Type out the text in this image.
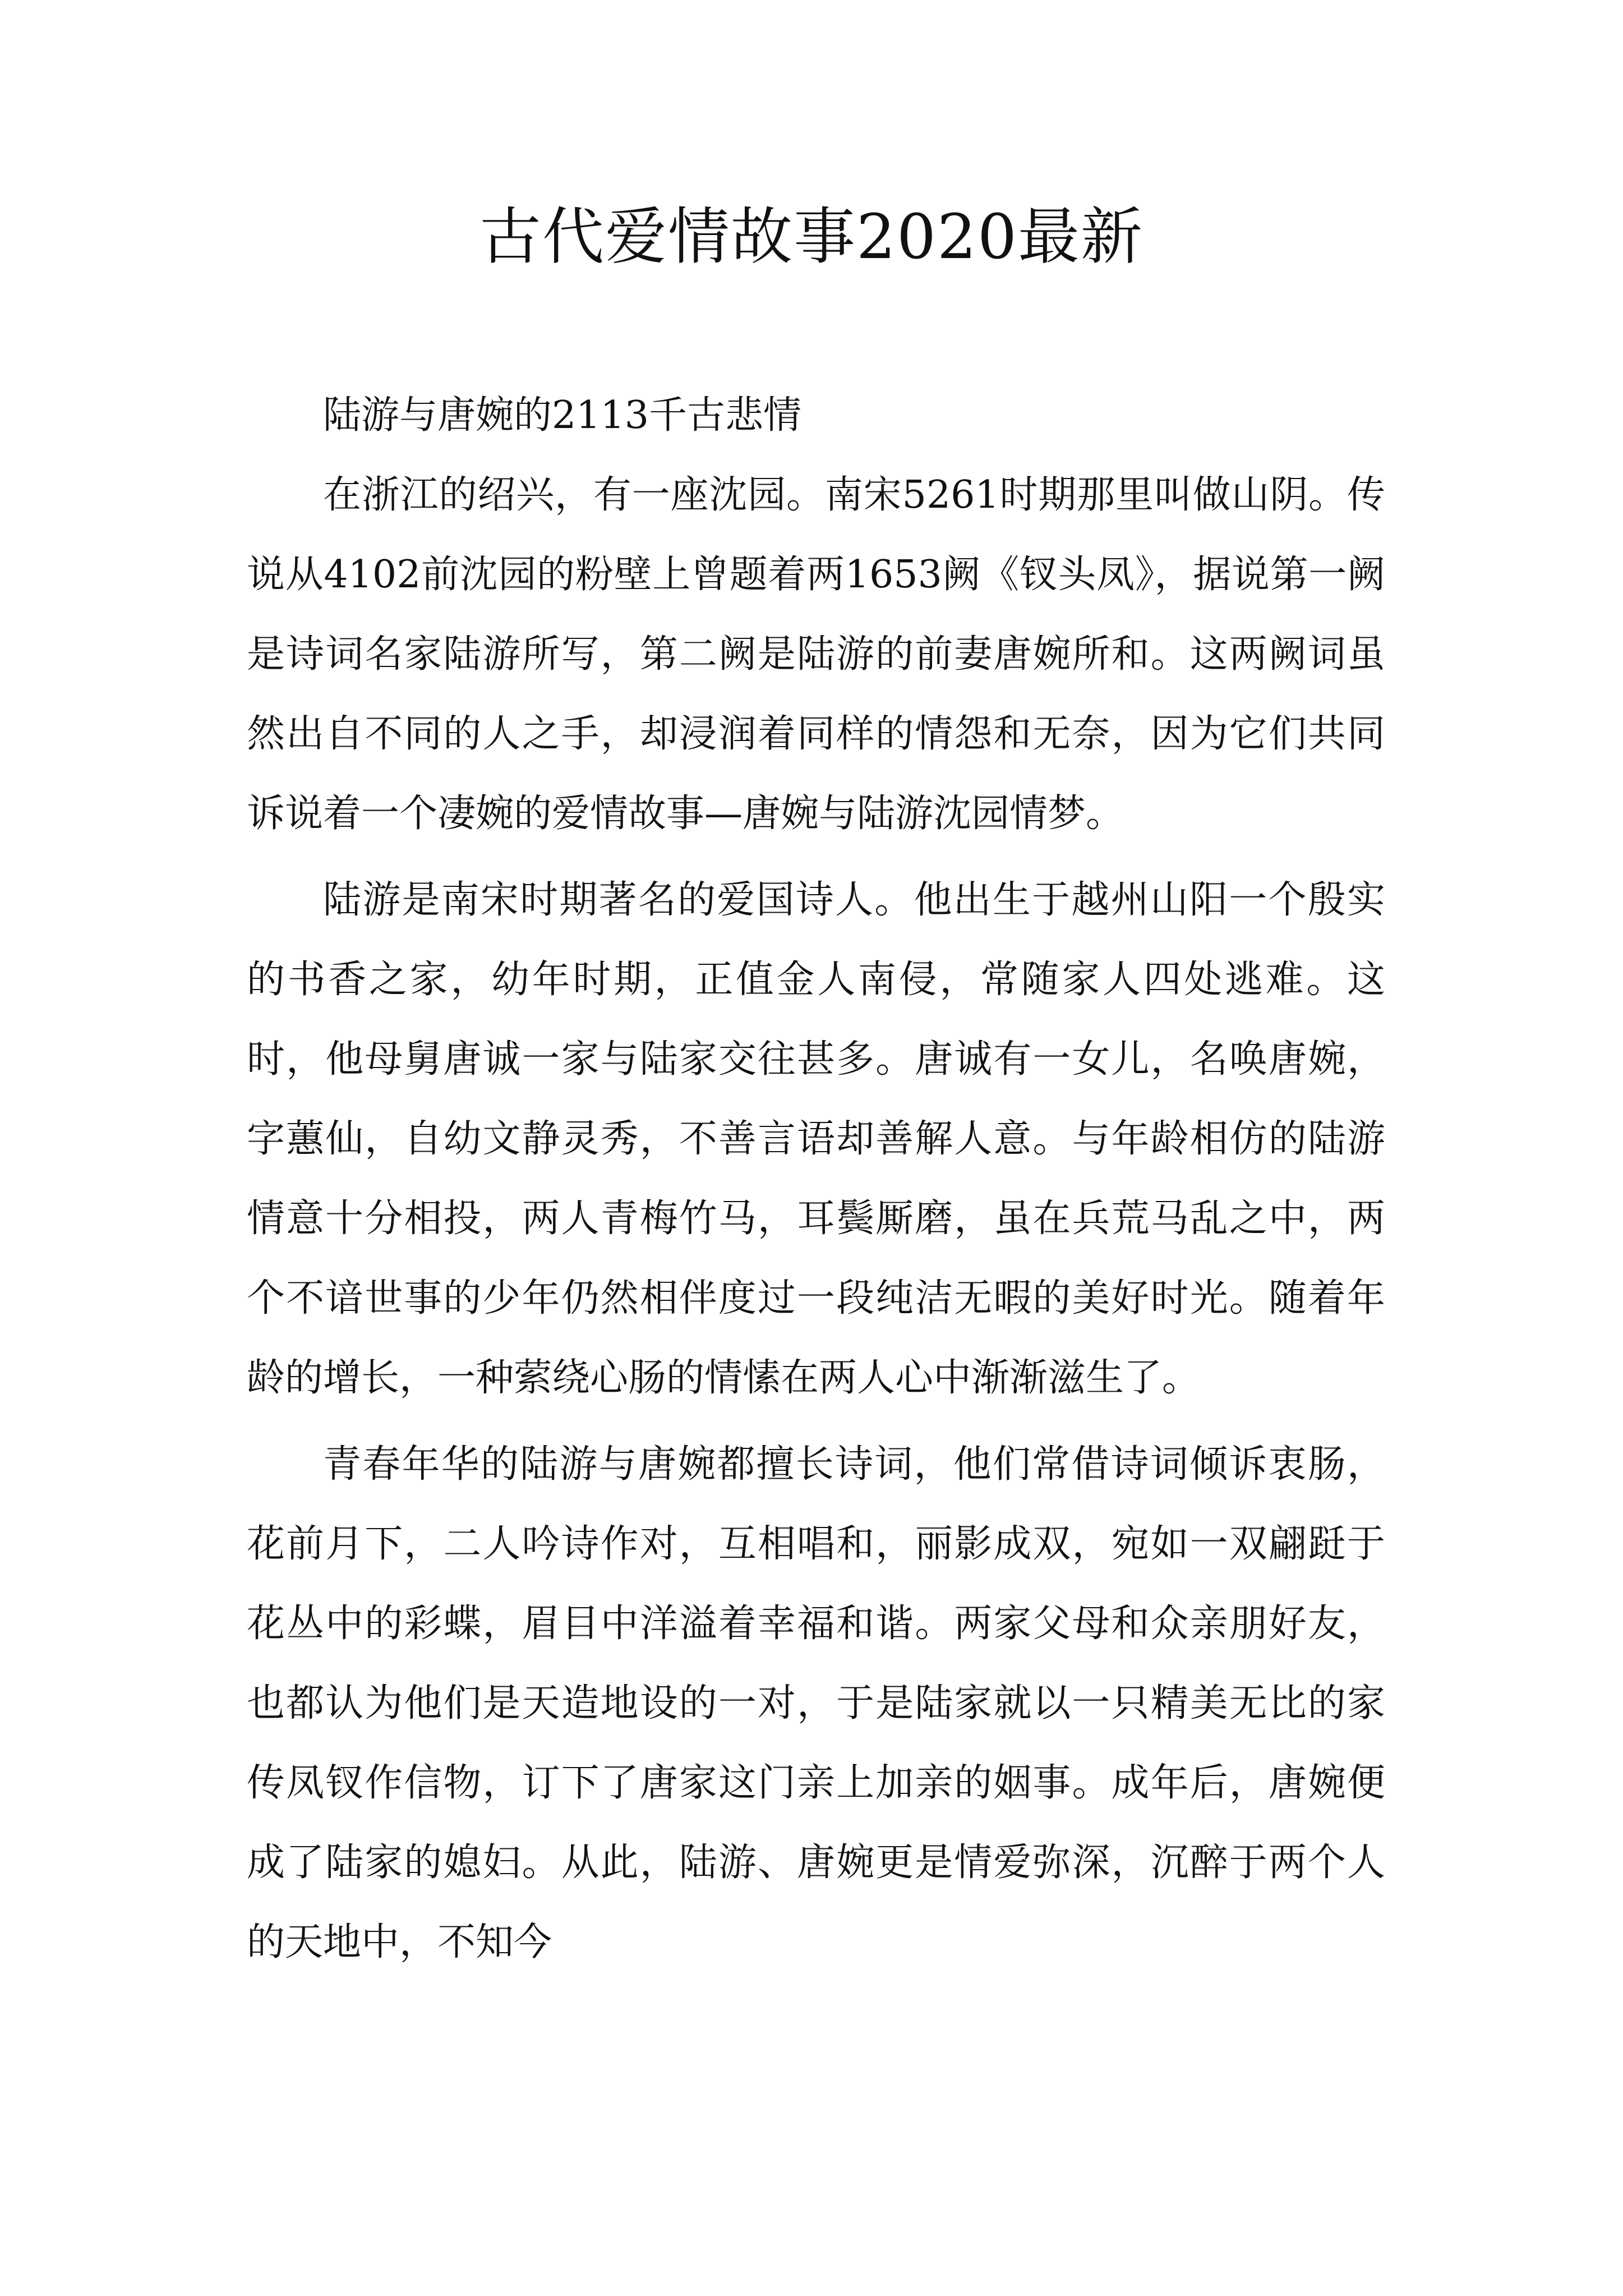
古代爱情故事2020最新

陆游与唐婉的2113千古悲情

在浙江的绍兴，有一座沈园。南宋5261时期那里叫做山阴。传说从4102前沈园的粉壁上曾题着两1653阙《钗头凤》，据说第一阙是诗词名家陆游所写，第二阙是陆游的前妻唐婉所和。这两阙词虽然出自不同的人之手，却浸润着同样的情怨和无奈，因为它们共同诉说着一个凄婉的爱情故事—唐婉与陆游沈园情梦。

陆游是南宋时期著名的爱国诗人。他出生于越州山阳一个殷实的书香之家，幼年时期，正值金人南侵，常随家人四处逃难。这时，他母舅唐诚一家与陆家交往甚多。唐诚有一女儿，名唤唐婉，字蕙仙，自幼文静灵秀，不善言语却善解人意。与年龄相仿的陆游情意十分相投，两人青梅竹马，耳鬓厮磨，虽在兵荒马乱之中，两个不谙世事的少年仍然相伴度过一段纯洁无暇的美好时光。随着年龄的增长，一种萦绕心肠的情愫在两人心中渐渐滋生了。

青春年华的陆游与唐婉都擅长诗词，他们常借诗词倾诉衷肠，花前月下，二人吟诗作对，互相唱和，丽影成双，宛如一双翩跹于花丛中的彩蝶，眉目中洋溢着幸福和谐。两家父母和众亲朋好友，也都认为他们是天造地设的一对，于是陆家就以一只精美无比的家传凤钗作信物，订下了唐家这门亲上加亲的姻事。成年后，唐婉便成了陆家的媳妇。从此，陆游、唐婉更是情爱弥深，沉醉于两个人的天地中，不知今
